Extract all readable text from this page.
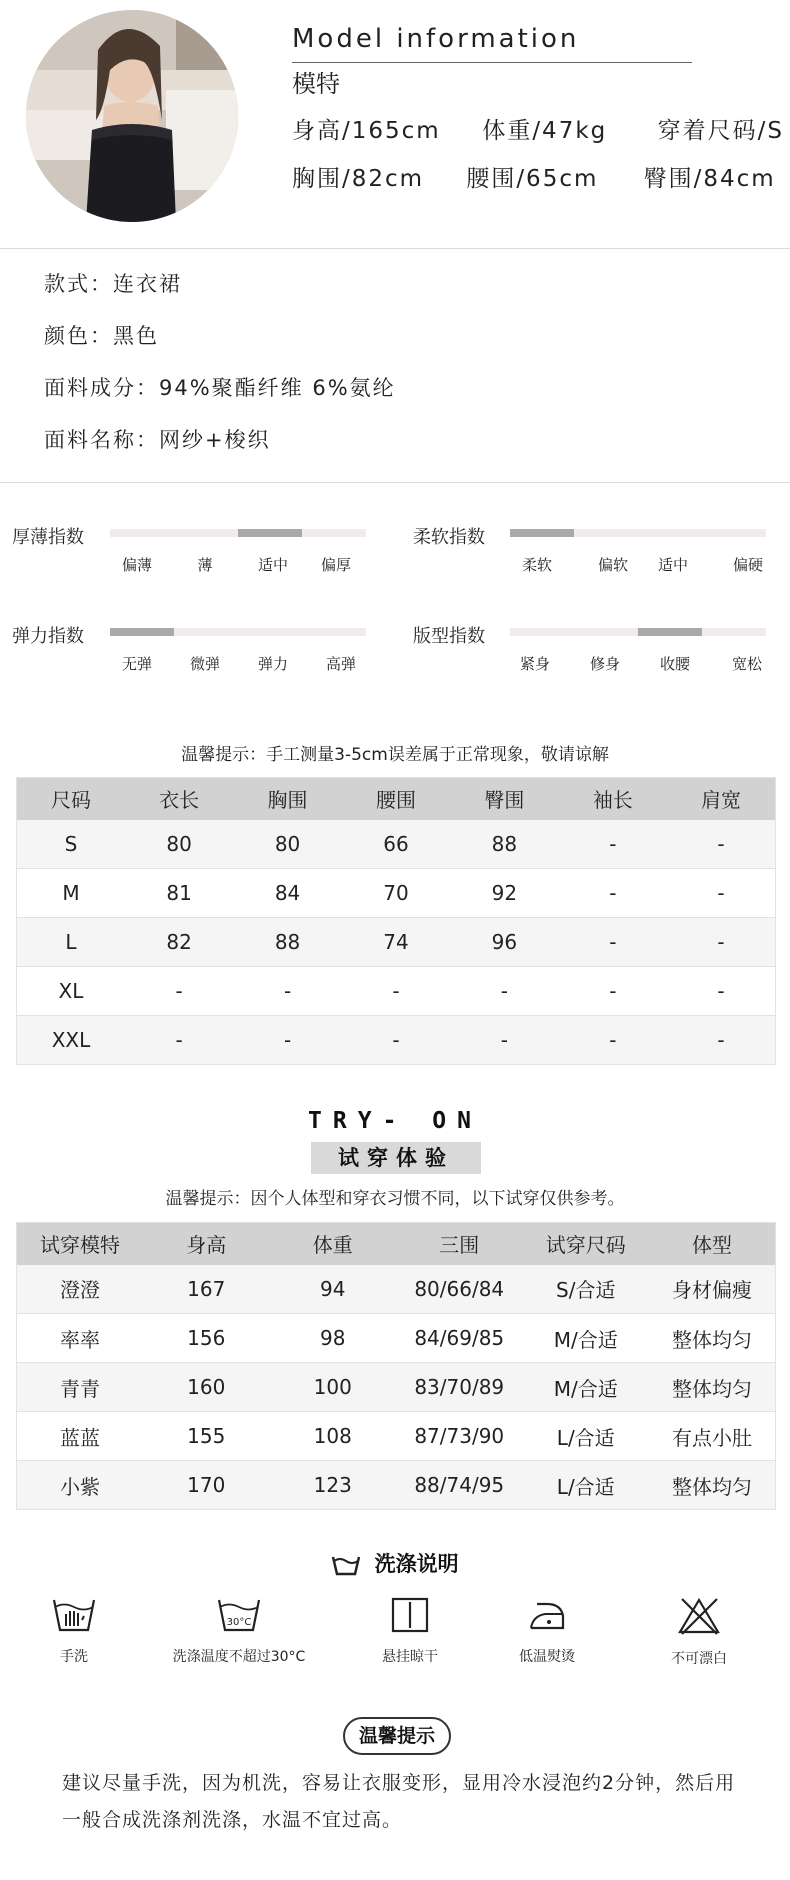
Model information
模特
身高/165cm 体重/47kg 穿着尺码/S
胸围/82cm 腰围/65cm 臀围/84cm
款式：连衣裙
颜色：黑色
面料成分：94%聚酯纤维 6%氨纶
面料名称：网纱+梭织
厚薄指数
偏薄	薄	适中	偏厚
柔软指数
柔软	偏软	适中	偏硬
弹力指数
无弹	微弹	弹力	高弹
版型指数
紧身	修身	收腰	宽松
温馨提示：手工测量3-5cm误差属于正常现象，敬请谅解
尺码	衣长	胸围	腰围	臀围	袖长	肩宽
S	80	80	66	88	-	-
M	81	84	70	92	-	-
L	82	88	74	96	-	-
XL	-	-	-	-	-	-
XXL	-	-	-	-	-	-
TRY- ON
试穿体验
温馨提示：因个人体型和穿衣习惯不同，以下试穿仅供参考。
试穿模特	身高	体重	三围	试穿尺码	体型
澄澄	167	94	80/66/84	S/合适	身材偏瘦
率率	156	98	84/69/85	M/合适	整体均匀
青青	160	100	83/70/89	M/合适	整体均匀
蓝蓝	155	108	87/73/90	L/合适	有点小肚
小紫	170	123	88/74/95	L/合适	整体均匀
洗涤说明
手洗
30°C
洗涤温度不超过30°C	悬挂晾干	低温熨烫	不可漂白
温馨提示
建议尽量手洗，因为机洗，容易让衣服变形，显用冷水浸泡约2分钟，然后用一般合成洗涤剂洗涤，水温不宜过高。
